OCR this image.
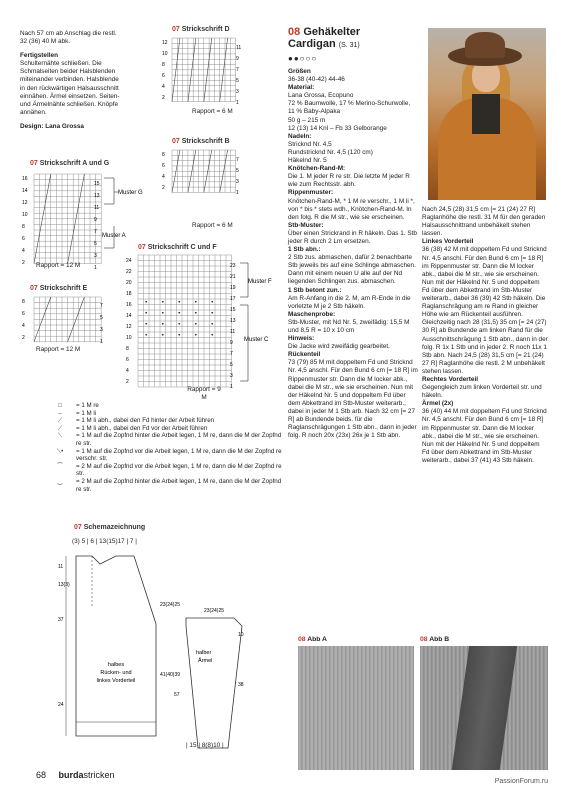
Nach 57 cm ab Anschlag die restl. 32 (36) 40 M abk.

Fertigstellen

Schulternähte schließen. Die Schmalseiten beider Halsblenden miteinander verbinden. Halsblende in den rückwärtigen Halsausschnitt einnähen. Ärmel einsetzen. Seiten- und Ärmelnähte schließen. Knöpfe annähen.

Design: Lana Grossa

07 Strickschrift A und G
16
14
12
10
8
6
4
2
15
13
11
9
7
5
3
1
Muster G
Muster A
Rapport = 12 M
07 Strickschrift E
8
6
4
2
7
5
3
1
Rapport = 12 M
07 Strickschrift D
12
10
8
6
4
2
11
9
7
5
3
1
Rapport = 6 M
07 Strickschrift B
8
6
4
2
7
5
3
1
Rapport = 6 M
07 Strickschrift C und F
24
22
20
18
16
14
12
10
8
6
4
2
23
21
19
17
15
13
11
9
7
5
3
1
Muster F
Muster C
Rapport = 9 M
□	= 1 M re
–	= 1 M li
⟋	= 1 M li abh., dabei den Fd hinter der Arbeit führen
⟋	= 1 M li abh., dabei den Fd vor der Arbeit führen
⟍	= 1 M auf die Zopfnd hinter die Arbeit legen, 1 M re, dann die M der Zopfnd re str.
⟍•	= 1 M auf die Zopfnd vor die Arbeit legen, 1 M re, dann die M der Zopfnd re verschr. str.
⁀	= 2 M auf die Zopfnd vor die Arbeit legen, 1 M re, dann die M der Zopfnd re str.
‿	= 2 M auf die Zopfnd hinter die Arbeit legen, 1 M re, dann die M der Zopfnd re str.
07 Schemazeichnung
(3) 5 | 6 | 13(15)17 | 7 |
11
13(3)
37
24
23(24)25
41(40)39
halbes
Rücken- und
linkes Vorderteil
23(24)25
halber
Ärmel
57
10
38
| 15 | 8(8)10 |
08 Gehäkelter
Cardigan (S. 31)
●●○○○

Größen

36-38 (40-42) 44-46

Material:

Lana Grossa, Ecopuno

72 % Baumwolle, 17 % Merino-Schurwolle, 11 % Baby-Alpaka

50 g – 215 m

12 (13) 14 Knl – Fb 33 Gelborange

Nadeln:

Stricknd Nr. 4,5

Rundstricknd Nr. 4,5 (120 cm)

Häkelnd Nr. 5

Knötchen-Rand-M:

Die 1. M jeder R re str. Die letzte M jeder R wie zum Rechtsstr. abh.

Rippenmuster:

Knötchen-Rand-M, * 1 M re verschr., 1 M li *, von * bis * stets wdh., Knötchen-Rand-M. In den folg. R die M str., wie sie erscheinen.

Stb-Muster:

Über einen Strickrand in R häkeln. Das 1. Stb jeder R durch 2 Lm ersetzen.

1 Stb abn.:

2 Stb zus. abmaschen, dafür 2 benachbarte Stb jeweils bis auf eine Schlinge abmaschen. Dann mit einem neuen U alle auf der Nd liegenden Schlingen zus. abmaschen.

1 Stb betont zun.:

Am R-Anfang in die 2. M, am R-Ende in die vorletzte M je 2 Stb häkeln.

Maschenprobe:

Stb-Muster, mit Nd Nr. 5, zweifädig: 15,5 M und 8,5 R = 10 x 10 cm

Hinweis:

Die Jacke wird zweifädig gearbeitet.

Rückenteil

73 (79) 85 M mit doppeltem Fd und Stricknd Nr. 4,5 anschl. Für den Bund 6 cm [= 18 R] im Rippenmuster str. Dann die M locker abk., dabei die M str., wie sie erscheinen. Nun mit der Häkelnd Nr. 5 und doppeltem Fd über dem Abkettrand im Stb-Muster weiterarb., dabei in jeder M 1 Stb arb. Nach 32 cm [= 27 R] ab Bundende beids. für die Raglanschrägungen 1 Stb abn., dann in jeder folg. R noch 20x (23x) 26x je 1 Stb abn.

Nach 24,5 (28) 31,5 cm [= 21 (24) 27 R] Raglanhöhe die restl. 31 M für den geraden Halsausschnittrand unbehäkelt stehen lassen.

Linkes Vorderteil

36 (38) 42 M mit doppeltem Fd und Stricknd Nr. 4,5 anschl. Für den Bund 6 cm [= 18 R] im Rippenmuster str. Dann die M locker abk., dabei die M str., wie sie erscheinen. Nun mit der Häkelnd Nr. 5 und doppeltem Fd über dem Abkettrand im Stb-Muster weiterarb., dabei 36 (39) 42 Stb häkeln. Die Raglanschrägung am re Rand in gleicher Höhe wie am Rückenteil ausführen. Gleichzeitig nach 28 (31,5) 35 cm [= 24 (27) 30 R] ab Bundende am linken Rand für die Ausschnittschrägung 1 Stb abn., dann in der folg. R 1x 1 Stb und in jeder 2. R noch 11x 1 Stb abn. Nach 24,5 (28) 31,5 cm [= 21 (24) 27 R] Raglanhöhe die restl. 2 M unbehäkelt stehen lassen.

Rechtes Vorderteil

Gegengleich zum linken Vorderteil str. und häkeln.

Ärmel (2x)

36 (40) 44 M mit doppeltem Fd und Stricknd Nr. 4,5 anschl. Für den Bund 6 cm [= 18 R] im Rippenmuster str. Dann die M locker abk., dabei die M str., wie sie erscheinen. Nun mit der Häkelnd Nr. 5 und doppeltem Fd über dem Abkettrand im Stb-Muster weiterarb., dabei 37 (41) 43 Stb häkeln.

08 Abb A	08 Abb B
68 burdastricken
PassionForum.ru
